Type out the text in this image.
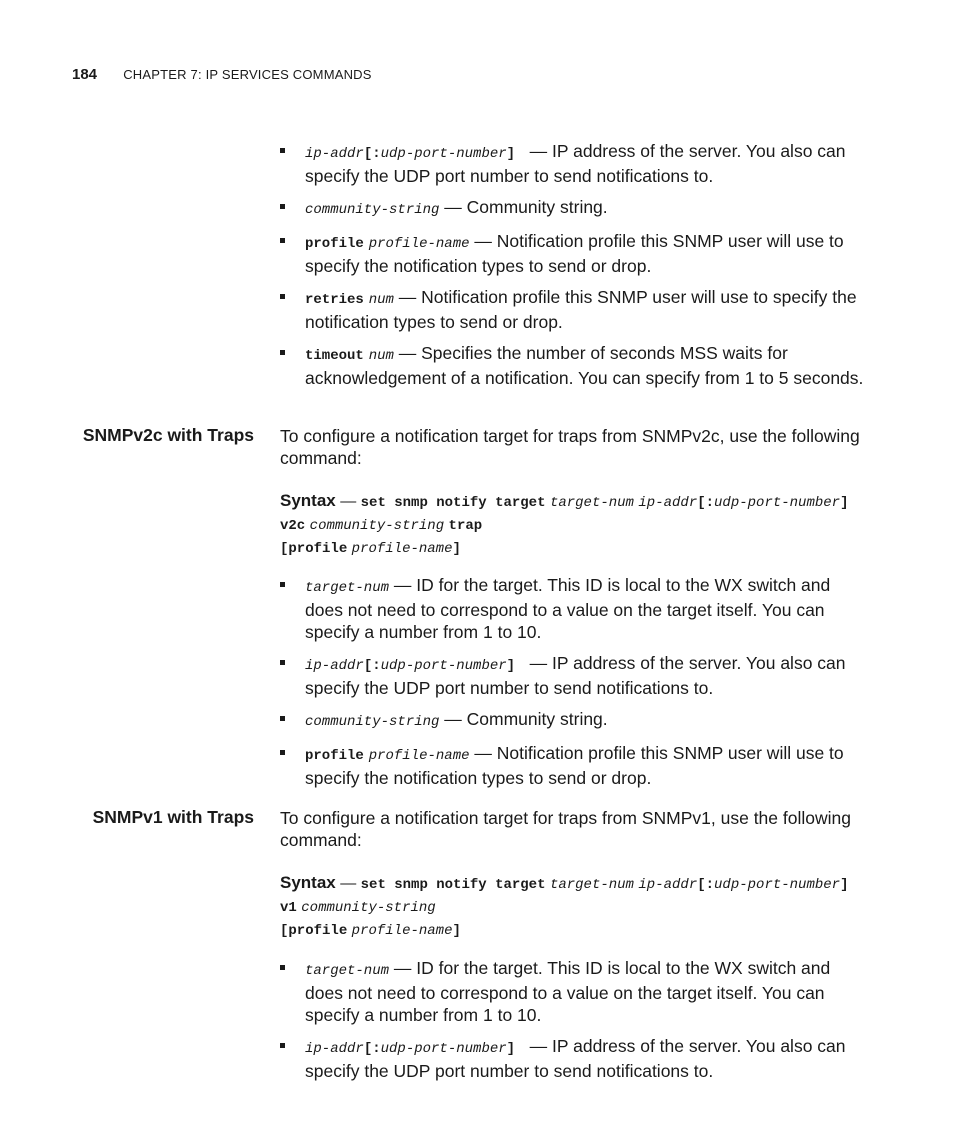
184 CHAPTER 7: IP SERVICES COMMANDS
ip-addr[:udp-port-number]   — IP address of the server. You also can specify the UDP port number to send notifications to.
community-string — Community string.
profile profile-name — Notification profile this SNMP user will use to specify the notification types to send or drop.
retries num — Notification profile this SNMP user will use to specify the notification types to send or drop.
timeout num — Specifies the number of seconds MSS waits for acknowledgement of a notification. You can specify from 1 to 5 seconds.
SNMPv2c with Traps To configure a notification target for traps from SNMPv2c, use the following command:
Syntax — set snmp notify target target-num ip-addr[:udp-port-number]
v2c community-string trap
[profile profile-name]
target-num — ID for the target. This ID is local to the WX switch and does not need to correspond to a value on the target itself. You can specify a number from 1 to 10.
ip-addr[:udp-port-number]   — IP address of the server. You also can specify the UDP port number to send notifications to.
community-string — Community string.
profile profile-name — Notification profile this SNMP user will use to specify the notification types to send or drop.
SNMPv1 with Traps To configure a notification target for traps from SNMPv1, use the following command:
Syntax — set snmp notify target target-num ip-addr[:udp-port-number]
v1 community-string
[profile profile-name]
target-num — ID for the target. This ID is local to the WX switch and does not need to correspond to a value on the target itself. You can specify a number from 1 to 10.
ip-addr[:udp-port-number]   — IP address of the server. You also can specify the UDP port number to send notifications to.
